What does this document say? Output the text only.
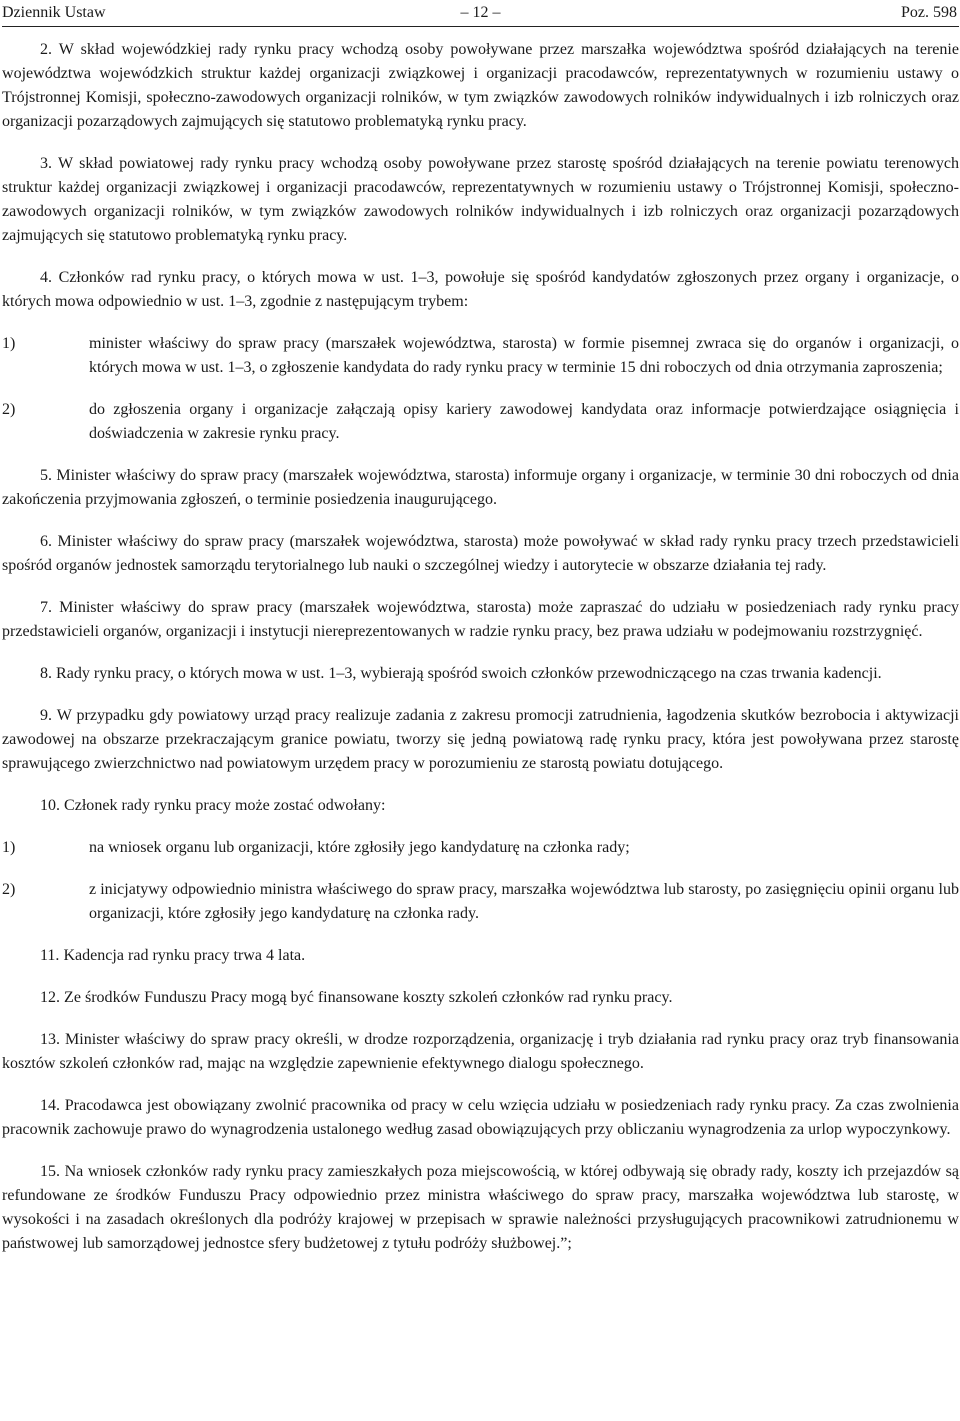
Dziennik Ustaw	– 12 –	Poz. 598

2. W skład wojewódzkiej rady rynku pracy wchodzą osoby powoływane przez marszałka województwa spośród działających na terenie województwa wojewódzkich struktur każdej organizacji związkowej i organizacji pracodawców, reprezentatywnych w rozumieniu ustawy o Trójstronnej Komisji, społeczno-zawodowych organizacji rolników, w tym związków zawodowych rolników indywidualnych i izb rolniczych oraz organizacji pozarządowych zajmujących się statutowo problematyką rynku pracy.

3. W skład powiatowej rady rynku pracy wchodzą osoby powoływane przez starostę spośród działających na terenie powiatu terenowych struktur każdej organizacji związkowej i organizacji pracodawców, reprezentatywnych w rozumieniu ustawy o Trójstronnej Komisji, społeczno-zawodowych organizacji rolników, w tym związków zawodowych rolników indywidualnych i izb rolniczych oraz organizacji pozarządowych zajmujących się statutowo problematyką rynku pracy.

4. Członków rad rynku pracy, o których mowa w ust. 1–3, powołuje się spośród kandydatów zgłoszonych przez organy i organizacje, o których mowa odpowiednio w ust. 1–3, zgodnie z następującym trybem:

1)	minister właściwy do spraw pracy (marszałek województwa, starosta) w formie pisemnej zwraca się do organów i organizacji, o których mowa w ust. 1–3, o zgłoszenie kandydata do rady rynku pracy w terminie 15 dni roboczych od dnia otrzymania zaproszenia;
2)	do zgłoszenia organy i organizacje załączają opisy kariery zawodowej kandydata oraz informacje potwierdzające osiągnięcia i doświadczenia w zakresie rynku pracy.

5. Minister właściwy do spraw pracy (marszałek województwa, starosta) informuje organy i organizacje, w terminie 30 dni roboczych od dnia zakończenia przyjmowania zgłoszeń, o terminie posiedzenia inaugurującego.

6. Minister właściwy do spraw pracy (marszałek województwa, starosta) może powoływać w skład rady rynku pracy trzech przedstawicieli spośród organów jednostek samorządu terytorialnego lub nauki o szczególnej wiedzy i autorytecie w obszarze działania tej rady.

7. Minister właściwy do spraw pracy (marszałek województwa, starosta) może zapraszać do udziału w posiedzeniach rady rynku pracy przedstawicieli organów, organizacji i instytucji niereprezentowanych w radzie rynku pracy, bez prawa udziału w podejmowaniu rozstrzygnięć.

8. Rady rynku pracy, o których mowa w ust. 1–3, wybierają spośród swoich członków przewodniczącego na czas trwania kadencji.

9. W przypadku gdy powiatowy urząd pracy realizuje zadania z zakresu promocji zatrudnienia, łagodzenia skutków bezrobocia i aktywizacji zawodowej na obszarze przekraczającym granice powiatu, tworzy się jedną powiatową radę rynku pracy, która jest powoływana przez starostę sprawującego zwierzchnictwo nad powiatowym urzędem pracy w porozumieniu ze starostą powiatu dotującego.

10. Członek rady rynku pracy może zostać odwołany:

1)	na wniosek organu lub organizacji, które zgłosiły jego kandydaturę na członka rady;
2)	z inicjatywy odpowiednio ministra właściwego do spraw pracy, marszałka województwa lub starosty, po zasięgnięciu opinii organu lub organizacji, które zgłosiły jego kandydaturę na członka rady.

11. Kadencja rad rynku pracy trwa 4 lata.

12. Ze środków Funduszu Pracy mogą być finansowane koszty szkoleń członków rad rynku pracy.

13. Minister właściwy do spraw pracy określi, w drodze rozporządzenia, organizację i tryb działania rad rynku pracy oraz tryb finansowania kosztów szkoleń członków rad, mając na względzie zapewnienie efektywnego dialogu społecznego.

14. Pracodawca jest obowiązany zwolnić pracownika od pracy w celu wzięcia udziału w posiedzeniach rady rynku pracy. Za czas zwolnienia pracownik zachowuje prawo do wynagrodzenia ustalonego według zasad obowiązujących przy obliczaniu wynagrodzenia za urlop wypoczynkowy.

15. Na wniosek członków rady rynku pracy zamieszkałych poza miejscowością, w której odbywają się obrady rady, koszty ich przejazdów są refundowane ze środków Funduszu Pracy odpowiednio przez ministra właściwego do spraw pracy, marszałka województwa lub starostę, w wysokości i na zasadach określonych dla podróży krajowej w przepisach w sprawie należności przysługujących pracownikowi zatrudnionemu w państwowej lub samorządowej jednostce sfery budżetowej z tytułu podróży służbowej.”;
